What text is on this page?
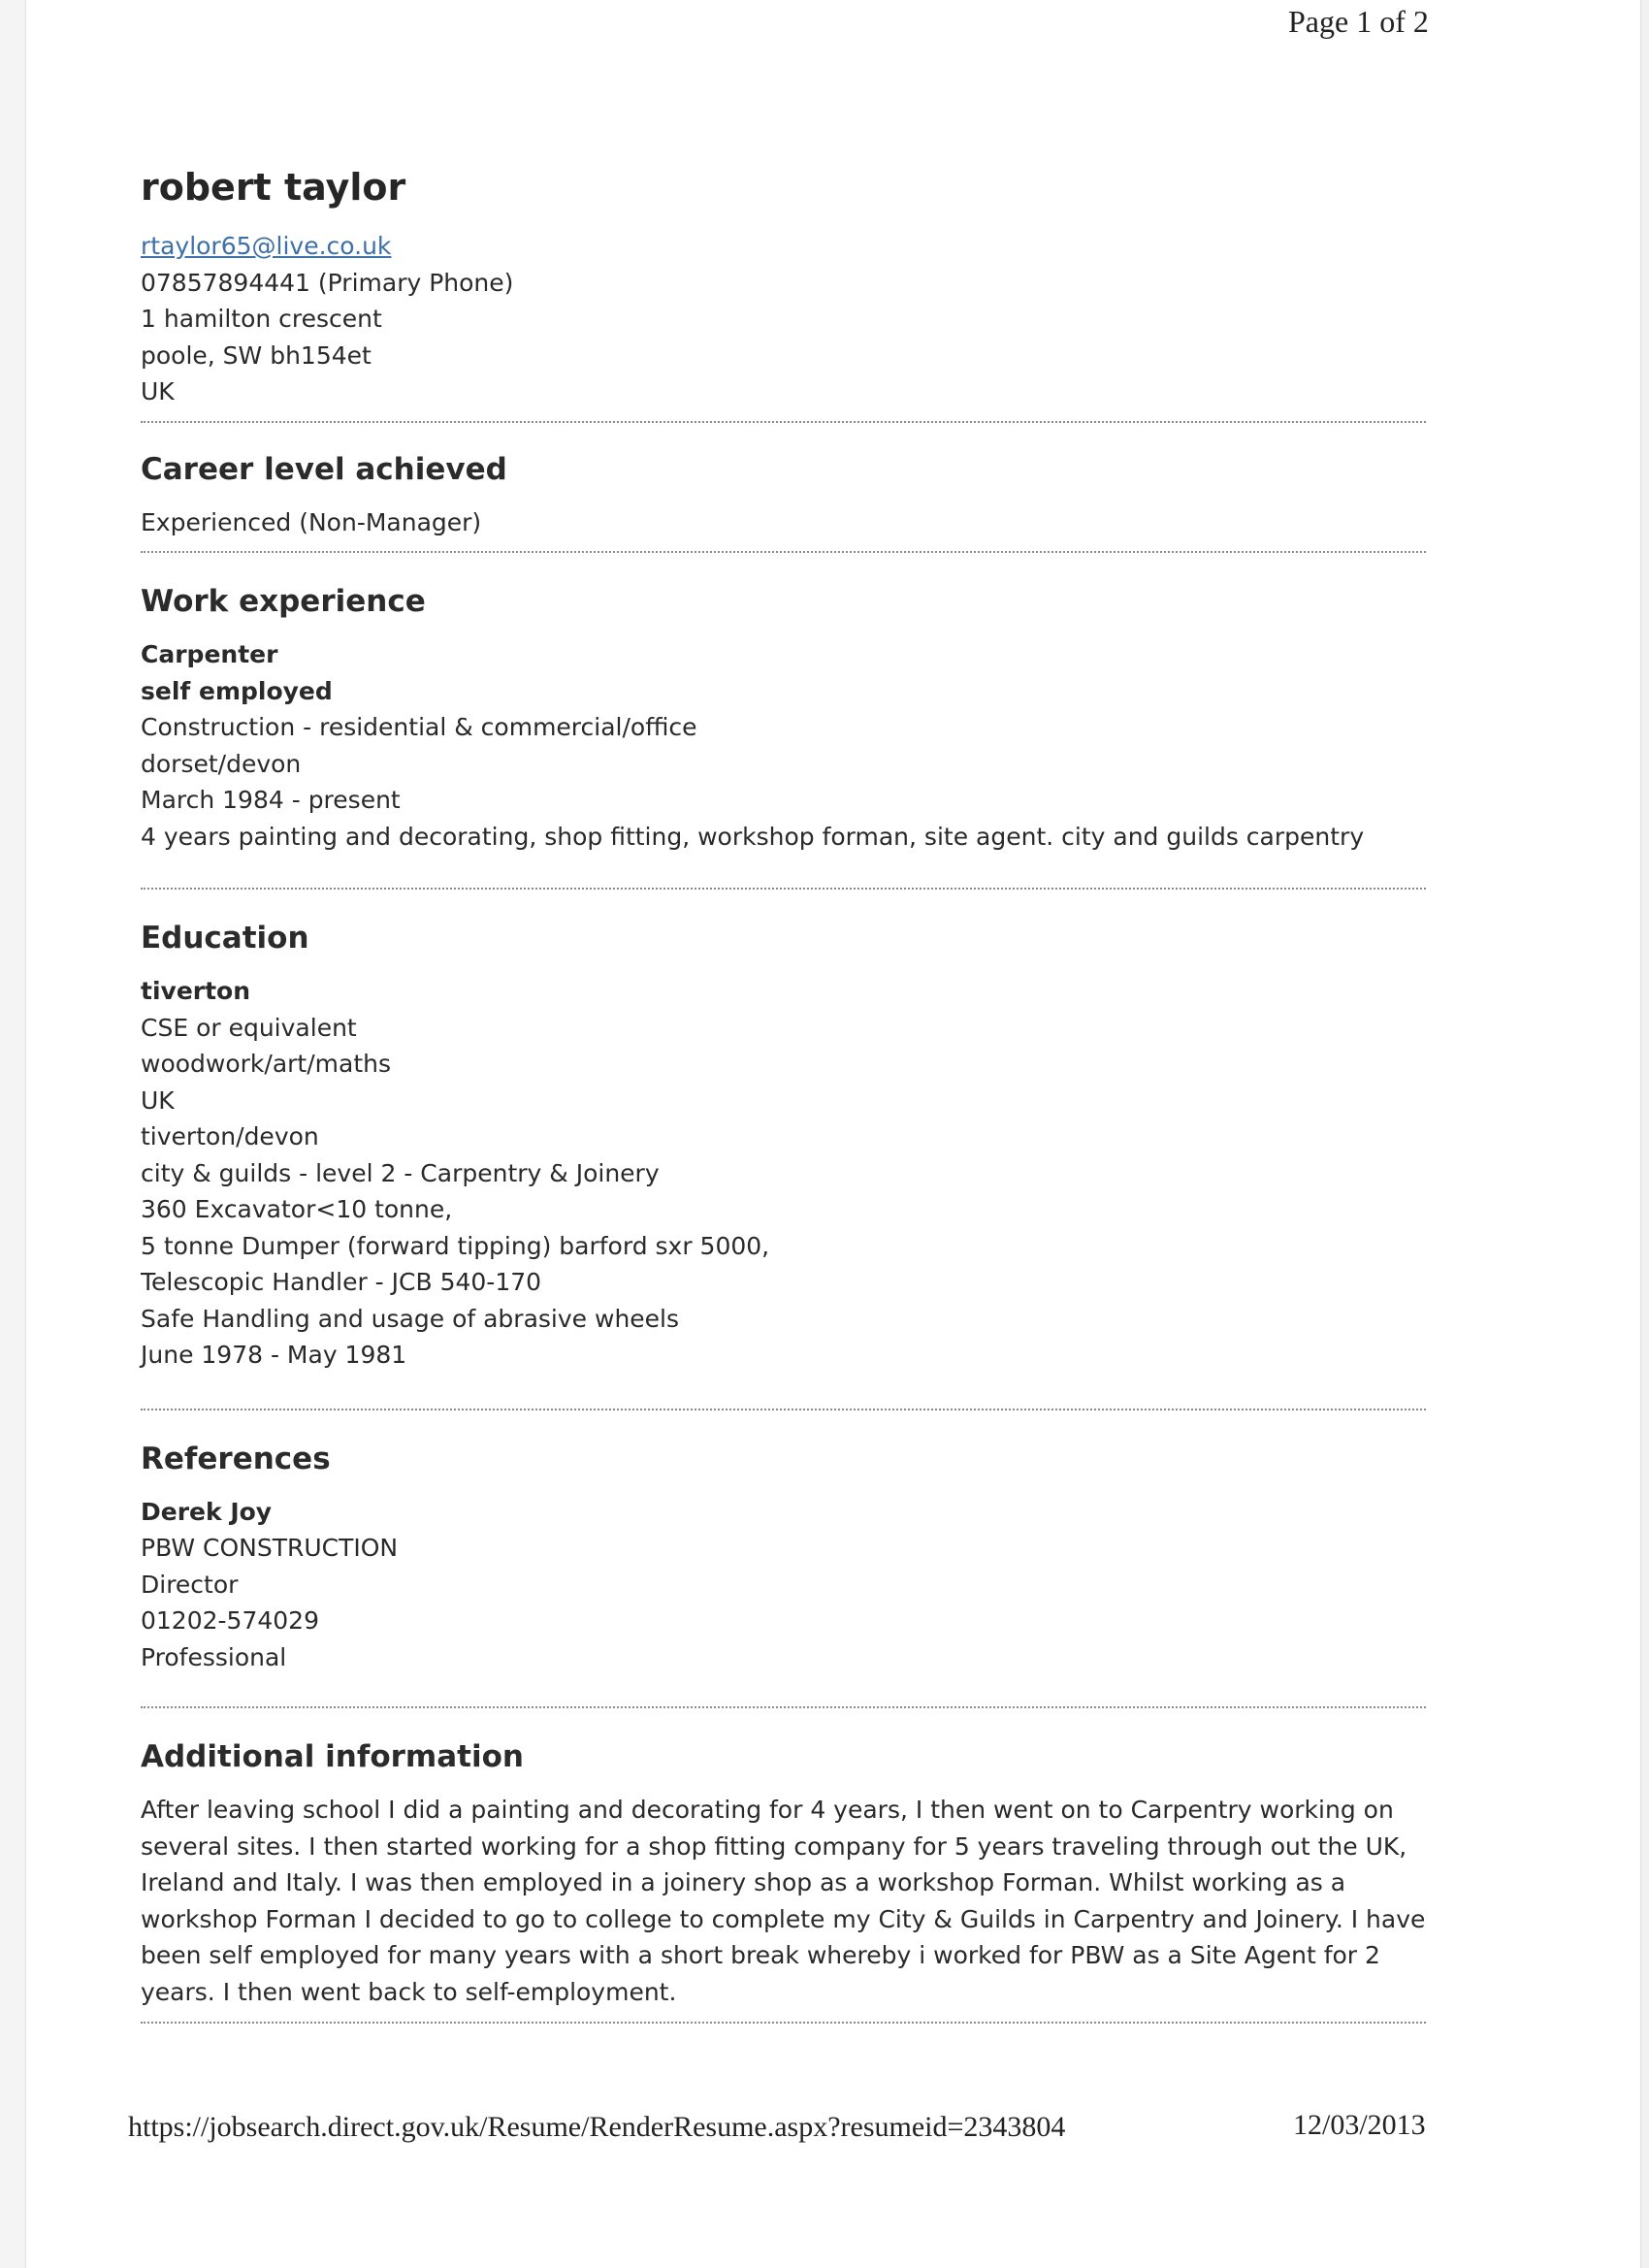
Page 1 of 2
robert taylor

rtaylor65@live.co.uk

07857894441 (Primary Phone)

1 hamilton crescent

poole, SW bh154et

UK

Career level achieved

Experienced (Non-Manager)

Work experience

Carpenter

self employed

Construction - residential & commercial/office

dorset/devon

March 1984 - present

4 years painting and decorating, shop fitting, workshop forman, site agent. city and guilds carpentry

Education

tiverton

CSE or equivalent

woodwork/art/maths

UK

tiverton/devon

city & guilds - level 2 - Carpentry & Joinery

360 Excavator<10 tonne,

5 tonne Dumper (forward tipping) barford sxr 5000,

Telescopic Handler - JCB 540-170

Safe Handling and usage of abrasive wheels

June 1978 - May 1981

References

Derek Joy

PBW CONSTRUCTION

Director

01202-574029

Professional

Additional information

After leaving school I did a painting and decorating for 4 years, I then went on to Carpentry working on several sites. I then started working for a shop fitting company for 5 years traveling through out the UK, Ireland and Italy. I was then employed in a joinery shop as a workshop Forman. Whilst working as a workshop Forman I decided to go to college to complete my City & Guilds in Carpentry and Joinery. I have been self employed for many years with a short break whereby i worked for PBW as a Site Agent for 2 years. I then went back to self-employment.

https://jobsearch.direct.gov.uk/Resume/RenderResume.aspx?resumeid=2343804	12/03/2013
